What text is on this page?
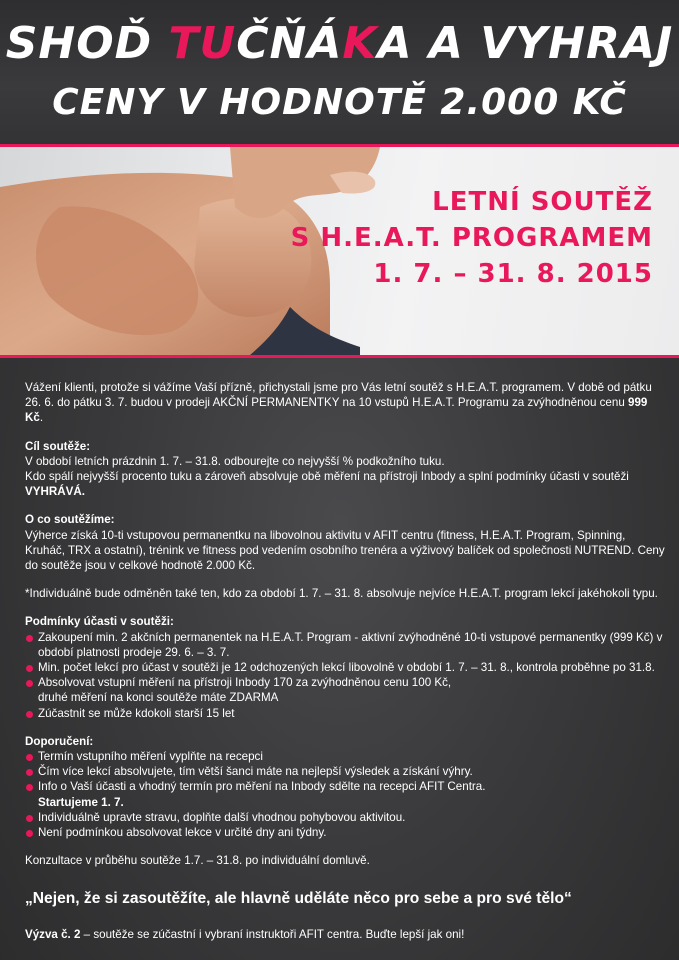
SHOĎ TUČŇÁKA A VYHRAJ
CENY V HODNOTĚ 2.000 KČ
LETNÍ SOUTĚŽ
S H.E.A.T. PROGRAMEM
1. 7. – 31. 8. 2015

Vážení klienti, protože si vážíme Vaší přízně, přichystali jsme pro Vás letní soutěž s H.E.A.T. programem. V době od pátku 26. 6. do pátku 3. 7. budou v prodeji AKČNÍ PERMANENTKY na 10 vstupů H.E.A.T. Programu za zvýhodněnou cenu 999 Kč.

Cíl soutěže:

V období letních prázdnin 1. 7. – 31.8. odbourejte co nejvyšší % podkožního tuku.

Kdo spálí nejvyšší procento tuku a zároveň absolvuje obě měření na přístroji Inbody a splní podmínky účasti v soutěži VYHRÁVÁ.

O co soutěžíme:

Výherce získá 10-ti vstupovou permanentku na libovolnou aktivitu v AFIT centru (fitness, H.E.A.T. Program, Spinning, Kruháč, TRX a ostatní), trénink ve fitness pod vedením osobního trenéra a výživový balíček od společnosti NUTREND. Ceny do soutěže jsou v celkové hodnotě 2.000 Kč.

*Individuálně bude odměněn také ten, kdo za období 1. 7. – 31. 8. absolvuje nejvíce H.E.A.T. program lekcí jakéhokoli typu.

Podmínky účasti v soutěži:

Zakoupení min. 2 akčních permanentek na H.E.A.T. Program - aktivní zvýhodněné 10-ti vstupové permanentky (999 Kč) v období platnosti prodeje 29. 6. – 3. 7.
Min. počet lekcí pro účast v soutěži je 12 odchozených lekcí libovolně v období 1. 7. – 31. 8., kontrola proběhne po 31.8.
Absolvovat vstupní měření na přístroji Inbody 170 za zvýhodněnou cenu 100 Kč,
druhé měření na konci soutěže máte ZDARMA
Zúčastnit se může kdokoli starší 15 let

Doporučení:

Termín vstupního měření vyplňte na recepci
Čím více lekcí absolvujete, tím větší šanci máte na nejlepší výsledek a získání výhry.
Info o Vaší účasti a vhodný termín pro měření na Inbody sdělte na recepci AFIT Centra.
Startujeme 1. 7.
Individuálně upravte stravu, doplňte další vhodnou pohybovou aktivitou.
Není podmínkou absolvovat lekce v určité dny ani týdny.

Konzultace v průběhu soutěže 1.7. – 31.8. po individuální domluvě.

„Nejen, že si zasoutěžíte, ale hlavně uděláte něco pro sebe a pro své tělo“
Výzva č. 2 – soutěže se zúčastní i vybraní instruktoři AFIT centra. Buďte lepší jak oni!
